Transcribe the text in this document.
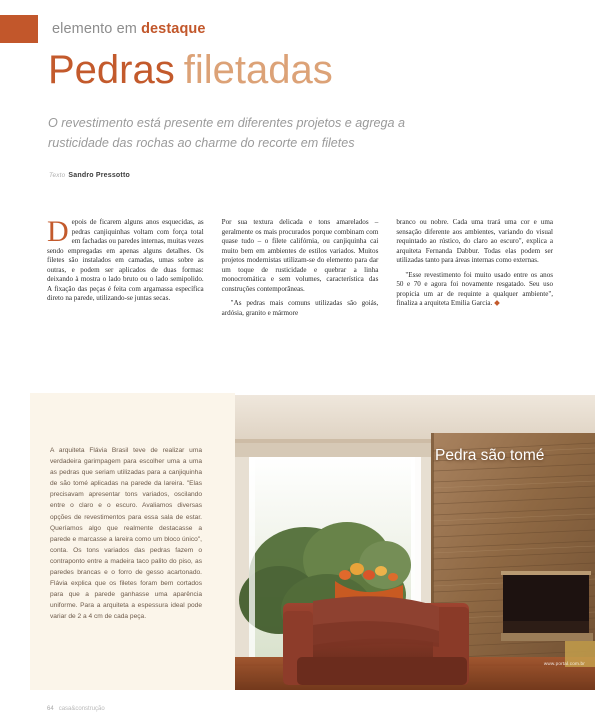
elemento em destaque
Pedras filetadas
O revestimento está presente em diferentes projetos e agrega a rusticidade das rochas ao charme do recorte em filetes
Texto Sandro Pressotto

Depois de ficarem alguns anos esquecidas, as pedras canjiquinhas voltam com força total em fachadas ou paredes internas, muitas vezes sendo empregadas em apenas alguns detalhes. Os filetes são instalados em camadas, umas sobre as outras, e podem ser aplicados de duas formas: deixando à mostra o lado bruto ou o lado semipolido. A fixação das peças é feita com argamassa específica direto na parede, utilizando-se juntas secas.

Por sua textura delicada e tons amarelados – geralmente os mais procurados porque combinam com quase tudo – o filete califórnia, ou canjiquinha cai muito bem em ambientes de estilos variados. Muitos projetos modernistas utilizam-se do elemento para dar um toque de rusticidade e quebrar a linha monocromática e sem volumes, característica das construções contemporâneas.

"As pedras mais comuns utilizadas são goiás, ardósia, granito e mármore

branco ou nobre. Cada uma trará uma cor e uma sensação diferente aos ambientes, variando do visual requintado ao rústico, do claro ao escuro", explica a arquiteta Fernanda Dabbur. Todas elas podem ser utilizadas tanto para áreas internas como externas.

"Esse revestimento foi muito usado entre os anos 50 e 70 e agora foi novamente resgatado. Seu uso propicia um ar de requinte a qualquer ambiente", finaliza a arquiteta Emilia Garcia.

A arquiteta Flávia Brasil teve de realizar uma verdadeira garimpagem para escolher uma a uma as pedras que seriam utilizadas para a canjiquinha de são tomé aplicadas na parede da lareira. "Elas precisavam apresentar tons variados, oscilando entre o claro e o escuro. Avaliamos diversas opções de revestimentos para essa sala de estar. Queríamos algo que realmente destacasse a parede e marcasse a lareira como um bloco único", conta. Os tons variados das pedras fazem o contraponto entre a madeira taco palito do piso, as paredes brancas e o forro de gesso acartonado. Flávia explica que os filetes foram bem cortados para que a parede ganhasse uma aparência uniforme. Para a arquiteta a espessura ideal pode variar de 2 a 4 cm de cada peça.
Pedra são tomé
www.portal.com.br
64 casa&construção
